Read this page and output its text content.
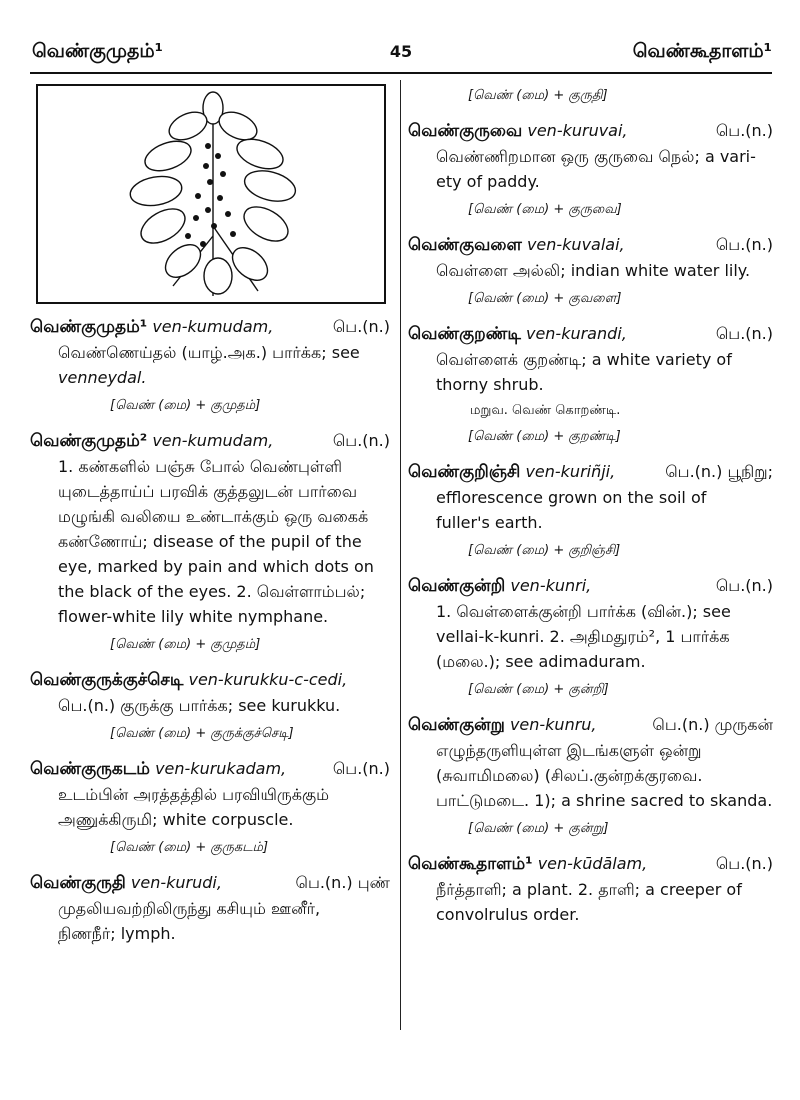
வெண்குமுதம்¹	45	வெண்கூதாளம்¹
வெண்குமுதம்¹ ven-kumudam,	பெ.(n.)
வெண்ணெய்தல் (யாழ்.அக.) பார்க்க; see
venneydal.
[வெண் (மை) + குமுதம்]
வெண்குமுதம்² ven-kumudam,	பெ.(n.)
1. கண்களில் பஞ்சு போல் வெண்புள்ளி
யுடைத்தாய்ப் பரவிக் குத்தலுடன் பார்வை
மழுங்கி வலியை உண்டாக்கும் ஒரு வகைக்
கண்ணோய்; disease of the pupil of the
eye, marked by pain and which dots on
the black of the eyes. 2. வெள்ளாம்பல்;
flower-white lily white nymphane.
[வெண் (மை) + குமுதம்]
வெண்குருக்குச்செடி ven-kurukku-c-cedi,
பெ.(n.) குருக்கு பார்க்க; see kurukku.
[வெண் (மை) + குருக்குச்செடி]
வெண்குருகடம் ven-kurukadam,	பெ.(n.)
உடம்பின் அரத்தத்தில் பரவியிருக்கும்
அணுக்கிருமி; white corpuscle.
[வெண் (மை) + குருகடம்]
வெண்குருதி ven-kurudi,	பெ.(n.) புண்
முதலியவற்றிலிருந்து கசியும் ஊனீர்,
நிணநீர்; lymph.
[வெண் (மை) + குருதி]
வெண்குருவை ven-kuruvai,	பெ.(n.)
வெண்ணிறமான ஒரு குருவை நெல்; a vari-
ety of paddy.
[வெண் (மை) + குருவை]
வெண்குவளை ven-kuvalai,	பெ.(n.)
வெள்ளை அல்லி; indian white water lily.
[வெண் (மை) + குவளை]
வெண்குறண்டி ven-kurandi,	பெ.(n.)
வெள்ளைக் குறண்டி; a white variety of
thorny shrub.
மறுவ. வெண் கொறண்டி.
[வெண் (மை) + குறண்டி]
வெண்குறிஞ்சி ven-kuriñji,	பெ.(n.) பூநிறு;
efflorescence grown on the soil of
fuller's earth.
[வெண் (மை) + குறிஞ்சி]
வெண்குன்றி ven-kunri,	பெ.(n.)
1. வெள்ளைக்குன்றி பார்க்க (வின்.); see
vellai-k-kunri. 2. அதிமதுரம்², 1 பார்க்க
(மலை.); see adimaduram.
[வெண் (மை) + குன்றி]
வெண்குன்று ven-kunru,	பெ.(n.) முருகன்
எழுந்தருளியுள்ள இடங்களுள் ஒன்று
(சுவாமிமலை) (சிலப்.குன்றக்குரவை.
பாட்டுமடை. 1); a shrine sacred to skanda.
[வெண் (மை) + குன்று]
வெண்கூதாளம்¹ ven-kūdālam,	பெ.(n.)
நீர்த்தாளி; a plant. 2. தாளி; a creeper of
convolrulus order.
